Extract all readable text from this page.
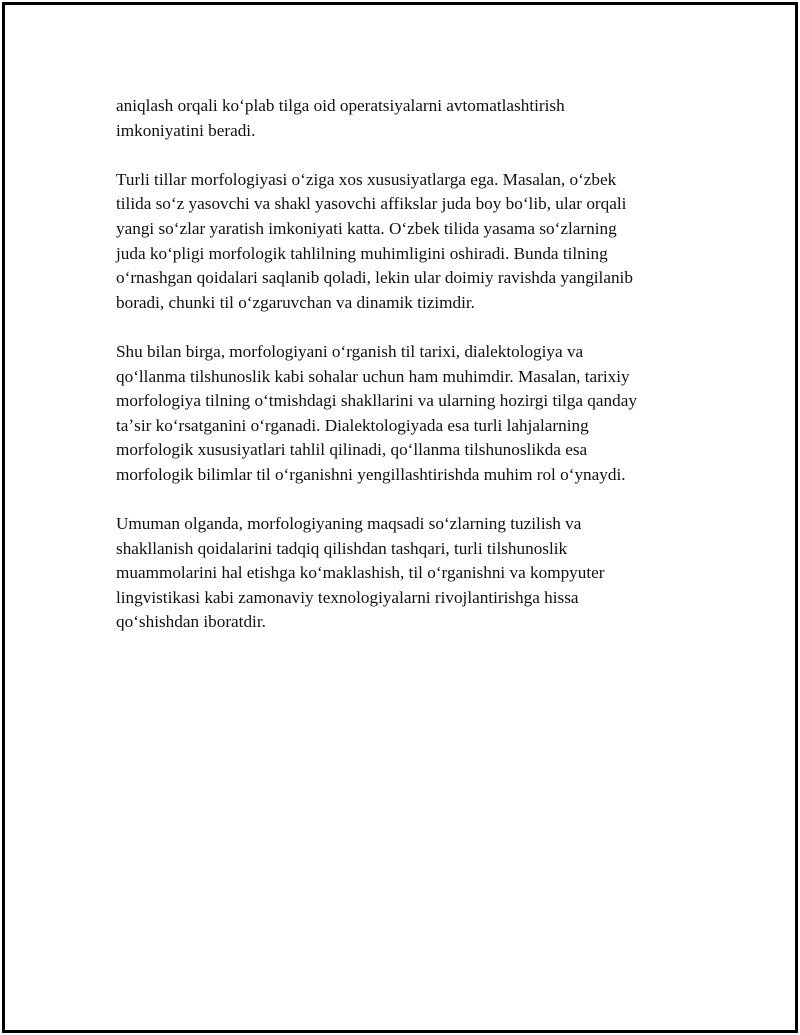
aniqlash orqali koʻplab tilga oid operatsiyalarni avtomatlashtirish
imkoniyatini beradi.

Turli tillar morfologiyasi oʻziga xos xususiyatlarga ega. Masalan, oʻzbek
tilida soʻz yasovchi va shakl yasovchi affikslar juda boy boʻlib, ular orqali
yangi soʻzlar yaratish imkoniyati katta. Oʻzbek tilida yasama soʻzlarning
juda koʻpligi morfologik tahlilning muhimligini oshiradi. Bunda tilning
oʻrnashgan qoidalari saqlanib qoladi, lekin ular doimiy ravishda yangilanib
boradi, chunki til oʻzgaruvchan va dinamik tizimdir.

Shu bilan birga, morfologiyani oʻrganish til tarixi, dialektologiya va
qoʻllanma tilshunoslik kabi sohalar uchun ham muhimdir. Masalan, tarixiy
morfologiya tilning oʻtmishdagi shakllarini va ularning hozirgi tilga qanday
taʼsir koʻrsatganini oʻrganadi. Dialektologiyada esa turli lahjalarning
morfologik xususiyatlari tahlil qilinadi, qoʻllanma tilshunoslikda esa
morfologik bilimlar til oʻrganishni yengillashtirishda muhim rol oʻynaydi.

Umuman olganda, morfologiyaning maqsadi soʻzlarning tuzilish va
shakllanish qoidalarini tadqiq qilishdan tashqari, turli tilshunoslik
muammolarini hal etishga koʻmaklashish, til oʻrganishni va kompyuter
lingvistikasi kabi zamonaviy texnologiyalarni rivojlantirishga hissa
qoʻshishdan iboratdir.
